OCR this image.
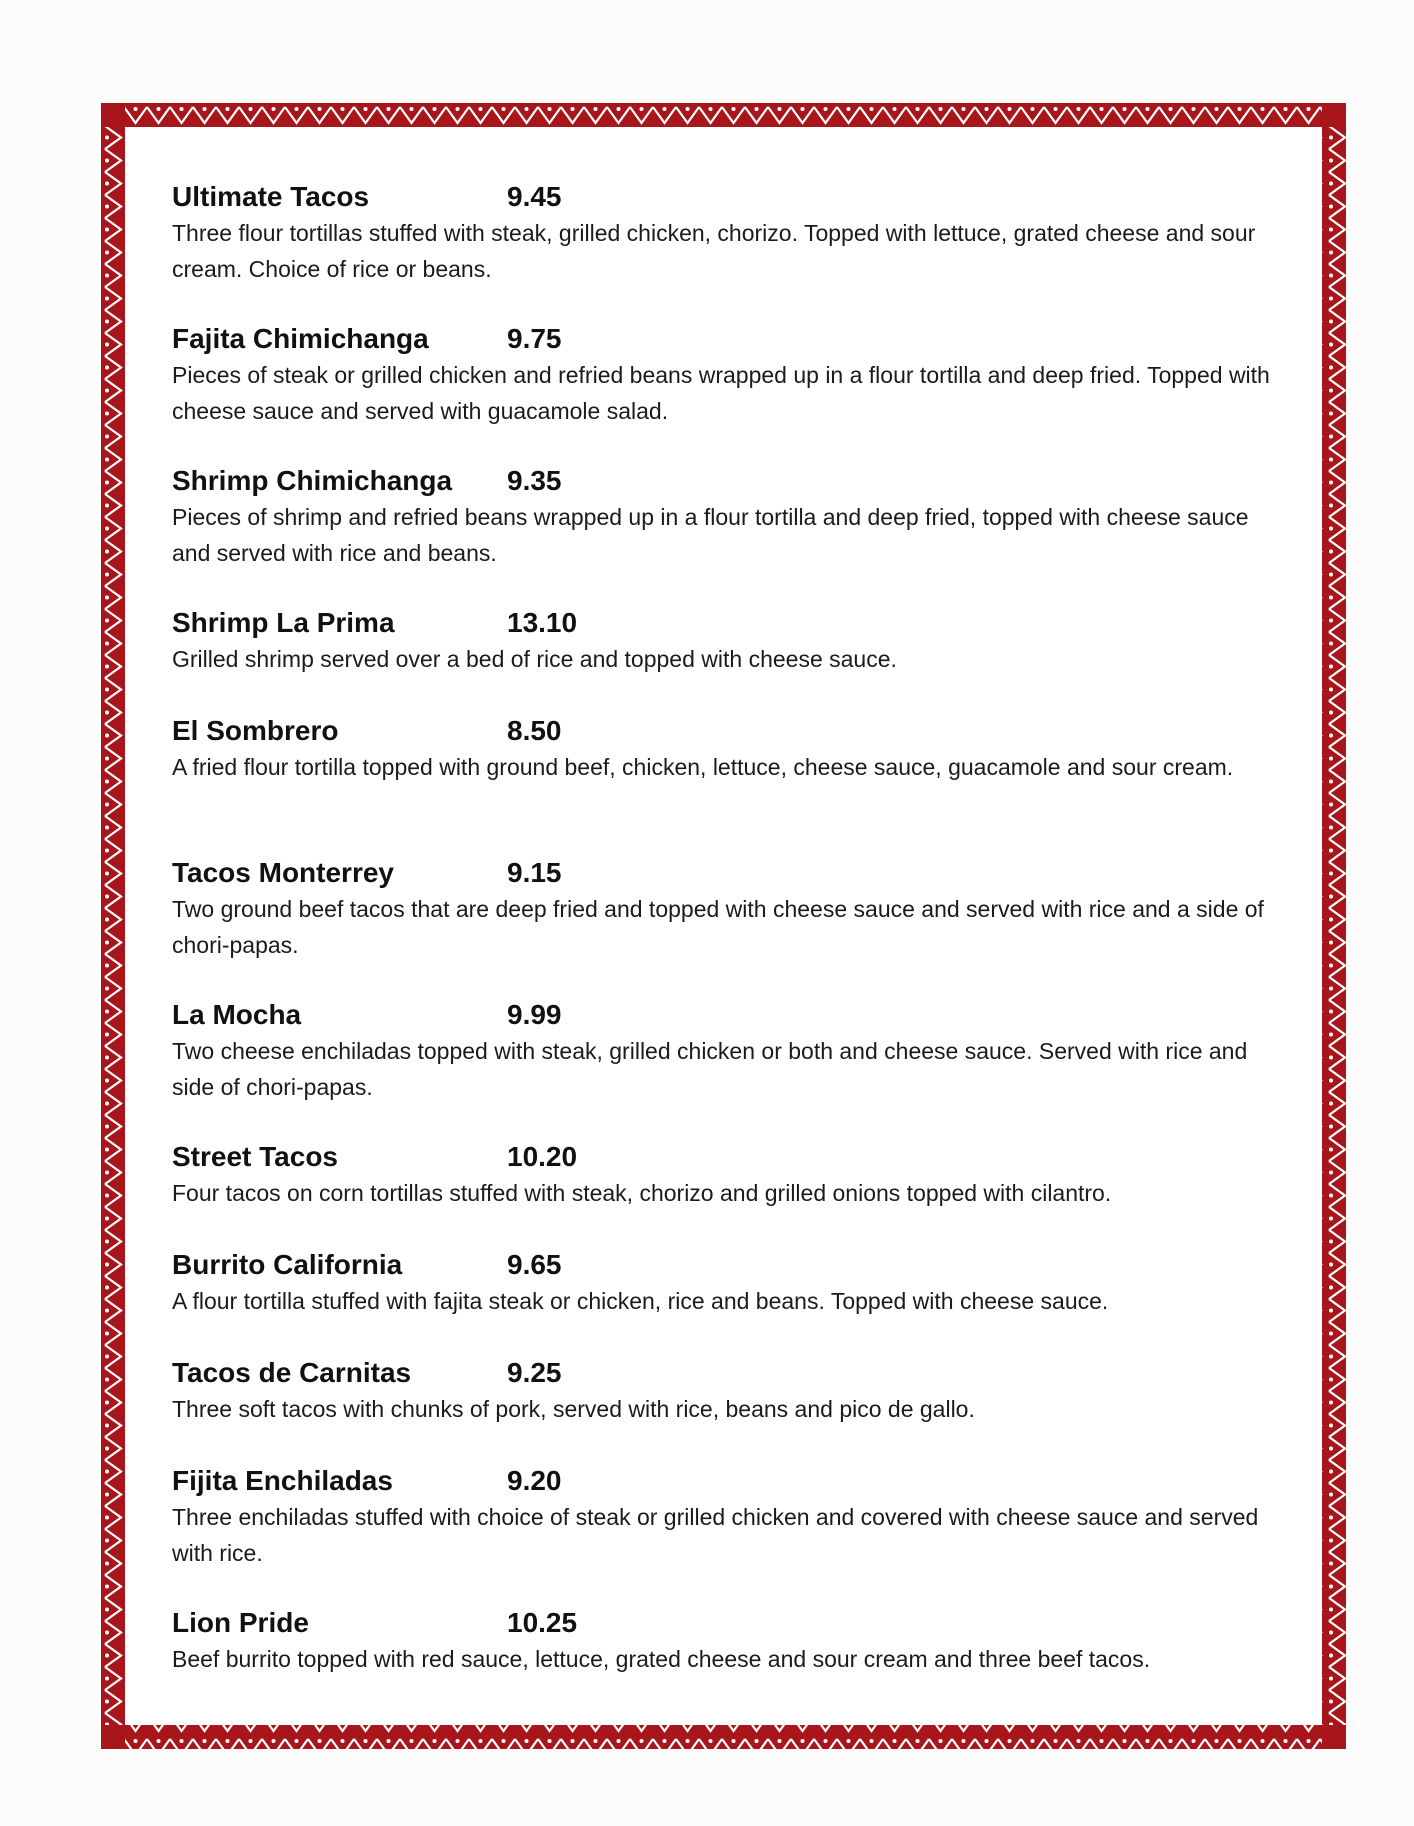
Ultimate Tacos	9.45

Three flour tortillas stuffed with steak, grilled chicken, chorizo. Topped with lettuce, grated cheese and sour cream. Choice of rice or beans.

Fajita Chimichanga	9.75

Pieces of steak or grilled chicken and refried beans wrapped up in a flour tortilla and deep fried. Topped with cheese sauce and served with guacamole salad.

Shrimp Chimichanga	9.35

Pieces of shrimp and refried beans wrapped up in a flour tortilla and deep fried, topped with cheese sauce and served with rice and beans.

Shrimp La Prima	13.10

Grilled shrimp served over a bed of rice and topped with cheese sauce.

El Sombrero	8.50

A fried flour tortilla topped with ground beef, chicken, lettuce, cheese sauce, guacamole and sour cream.

Tacos Monterrey	9.15

Two ground beef tacos that are deep fried and topped with cheese sauce and served with rice and a side of chori-papas.

La Mocha	9.99

Two cheese enchiladas topped with steak, grilled chicken or both and cheese sauce. Served with rice and side of chori-papas.

Street Tacos	10.20

Four tacos on corn tortillas stuffed with steak, chorizo and grilled onions topped with cilantro.

Burrito California	9.65

A flour tortilla stuffed with fajita steak or chicken, rice and beans. Topped with cheese sauce.

Tacos de Carnitas	9.25

Three soft tacos with chunks of pork, served with rice, beans and pico de gallo.

Fijita Enchiladas	9.20

Three enchiladas stuffed with choice of steak or grilled chicken and covered with cheese sauce and served with rice.

Lion Pride	10.25

Beef burrito topped with red sauce, lettuce, grated cheese and sour cream and three beef tacos.
